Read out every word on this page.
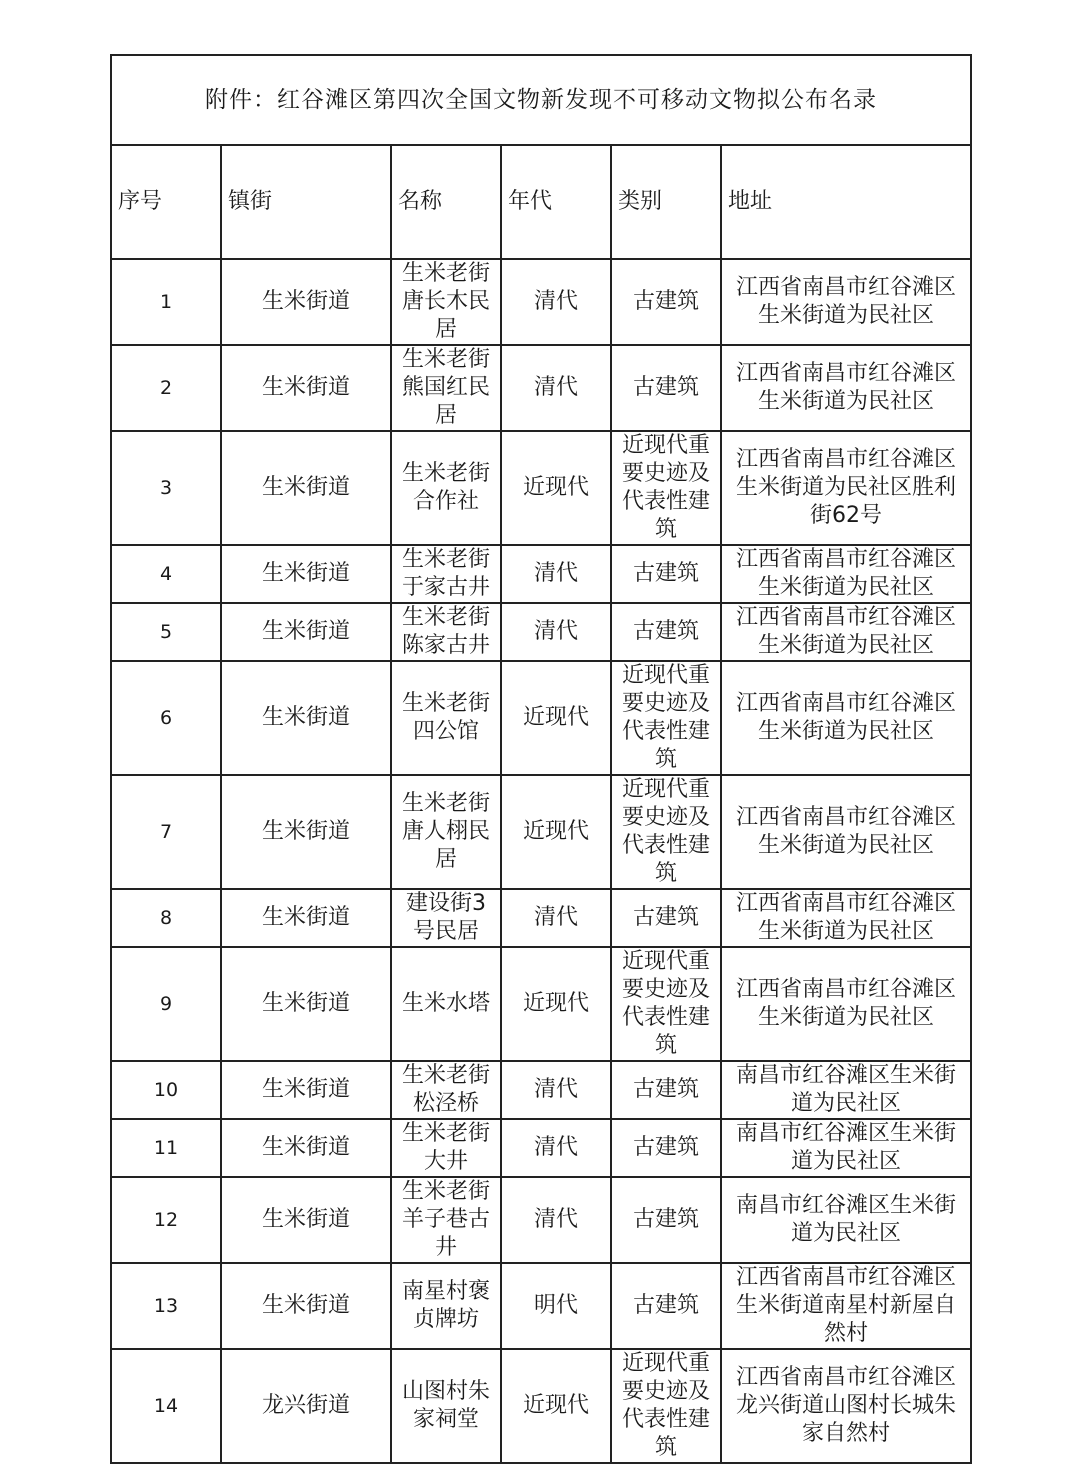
附件：红谷滩区第四次全国文物新发现不可移动文物拟公布名录					
序号	镇街	名称	年代	类别	地址
1	生米街道	生米老街唐长木民居	清代	古建筑	江西省南昌市红谷滩区生米街道为民社区
2	生米街道	生米老街熊国红民居	清代	古建筑	江西省南昌市红谷滩区生米街道为民社区
3	生米街道	生米老街合作社	近现代	近现代重要史迹及代表性建筑	江西省南昌市红谷滩区生米街道为民社区胜利街62号
4	生米街道	生米老街于家古井	清代	古建筑	江西省南昌市红谷滩区生米街道为民社区
5	生米街道	生米老街陈家古井	清代	古建筑	江西省南昌市红谷滩区生米街道为民社区
6	生米街道	生米老街四公馆	近现代	近现代重要史迹及代表性建筑	江西省南昌市红谷滩区生米街道为民社区
7	生米街道	生米老街唐人栩民居	近现代	近现代重要史迹及代表性建筑	江西省南昌市红谷滩区生米街道为民社区
8	生米街道	建设街3号民居	清代	古建筑	江西省南昌市红谷滩区生米街道为民社区
9	生米街道	生米水塔	近现代	近现代重要史迹及代表性建筑	江西省南昌市红谷滩区生米街道为民社区
10	生米街道	生米老街松泾桥	清代	古建筑	南昌市红谷滩区生米街道为民社区
11	生米街道	生米老街大井	清代	古建筑	南昌市红谷滩区生米街道为民社区
12	生米街道	生米老街羊子巷古井	清代	古建筑	南昌市红谷滩区生米街道为民社区
13	生米街道	南星村褒贞牌坊	明代	古建筑	江西省南昌市红谷滩区生米街道南星村新屋自然村
14	龙兴街道	山图村朱家祠堂	近现代	近现代重要史迹及代表性建筑	江西省南昌市红谷滩区龙兴街道山图村长城朱家自然村
